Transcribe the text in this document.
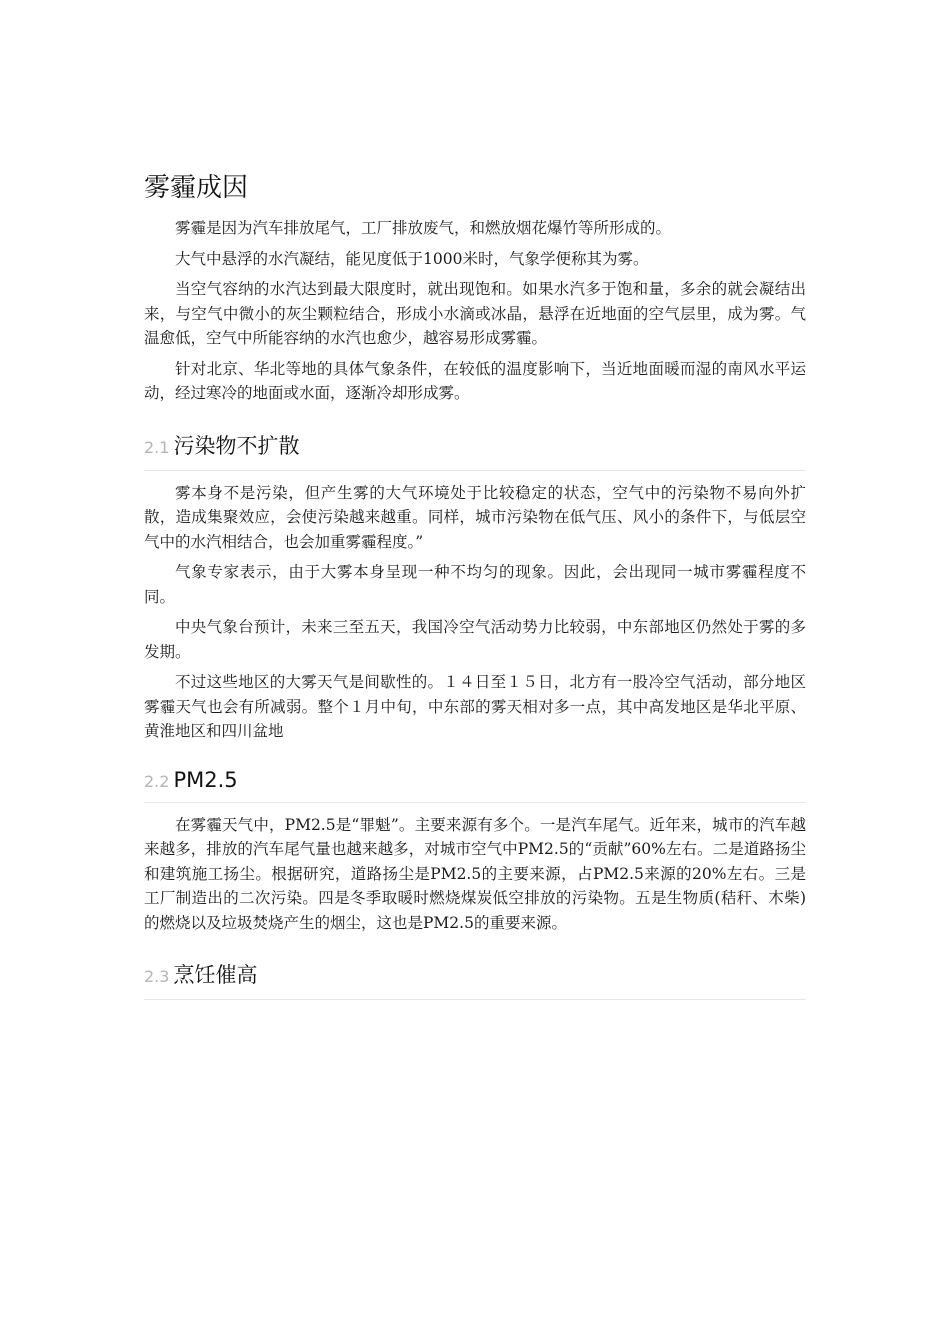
雾霾成因

雾霾是因为汽车排放尾气，工厂排放废气，和燃放烟花爆竹等所形成的。

大气中悬浮的水汽凝结，能见度低于1000米时，气象学便称其为雾。

当空气容纳的水汽达到最大限度时，就出现饱和。如果水汽多于饱和量，多余的就会凝结出来，与空气中微小的灰尘颗粒结合，形成小水滴或冰晶，悬浮在近地面的空气层里，成为雾。气温愈低，空气中所能容纳的水汽也愈少，越容易形成雾霾。

针对北京、华北等地的具体气象条件，在较低的温度影响下，当近地面暖而湿的南风水平运动，经过寒冷的地面或水面，逐渐冷却形成雾。

2.1 污染物不扩散

雾本身不是污染，但产生雾的大气环境处于比较稳定的状态，空气中的污染物不易向外扩散，造成集聚效应，会使污染越来越重。同样，城市污染物在低气压、风小的条件下，与低层空气中的水汽相结合，也会加重雾霾程度。”

气象专家表示，由于大雾本身呈现一种不均匀的现象。因此，会出现同一城市雾霾程度不同。

中央气象台预计，未来三至五天，我国冷空气活动势力比较弱，中东部地区仍然处于雾的多发期。

不过这些地区的大雾天气是间歇性的。１４日至１５日，北方有一股冷空气活动，部分地区雾霾天气也会有所减弱。整个１月中旬，中东部的雾天相对多一点，其中高发地区是华北平原、黄淮地区和四川盆地

2.2 PM2.5

在雾霾天气中，PM2.5是“罪魁”。主要来源有多个。一是汽车尾气。近年来，城市的汽车越来越多，排放的汽车尾气量也越来越多，对城市空气中PM2.5的“贡献”60%左右。二是道路扬尘和建筑施工扬尘。根据研究，道路扬尘是PM2.5的主要来源，占PM2.5来源的20%左右。三是工厂制造出的二次污染。四是冬季取暖时燃烧煤炭低空排放的污染物。五是生物质(秸秆、木柴)的燃烧以及垃圾焚烧产生的烟尘，这也是PM2.5的重要来源。

2.3 烹饪催高
